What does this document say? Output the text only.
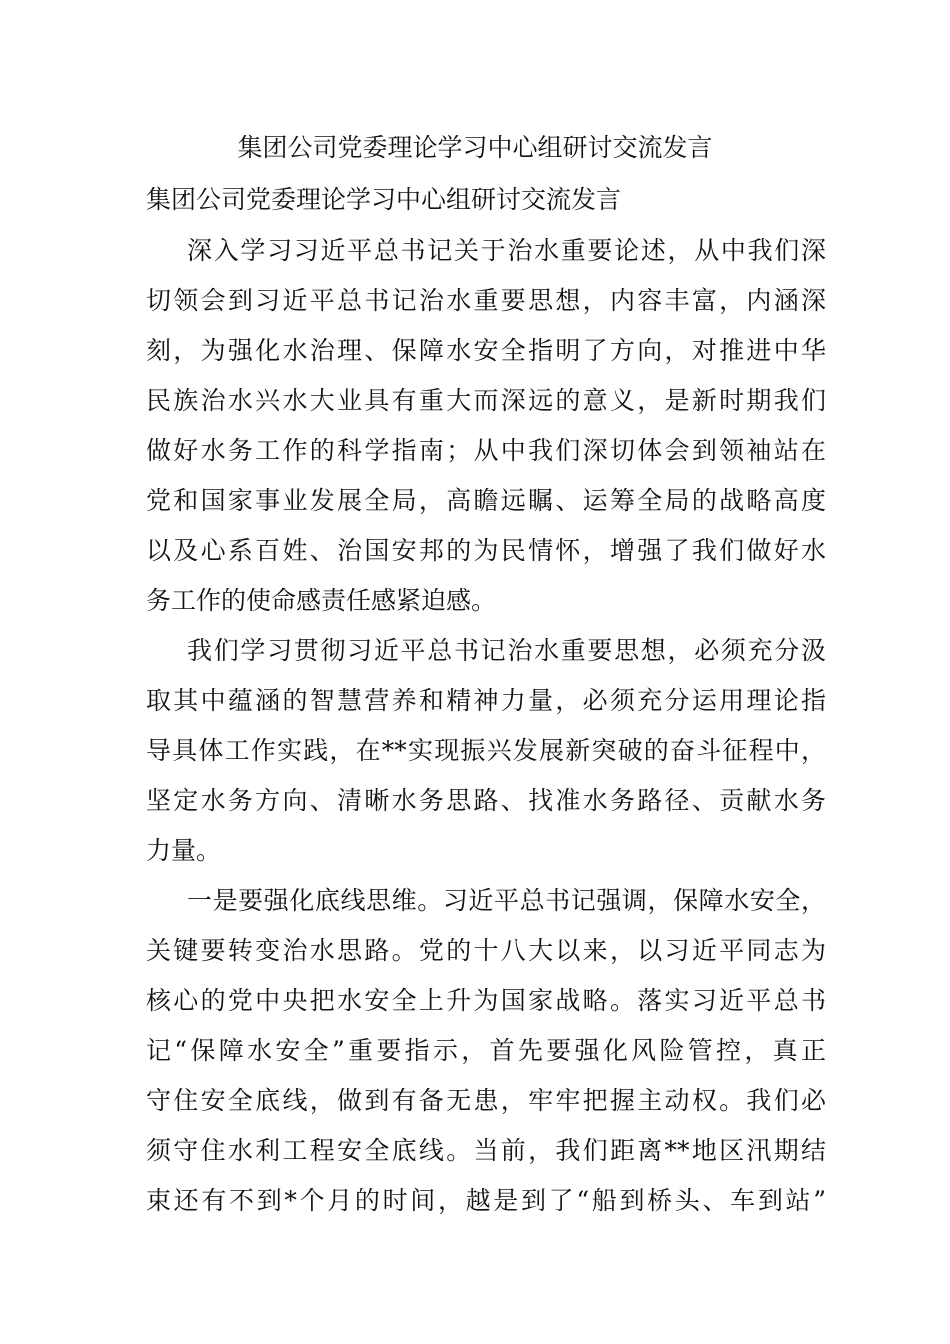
集团公司党委理论学习中心组研讨交流发言

集团公司党委理论学习中心组研讨交流发言

深入学习习近平总书记关于治水重要论述，从中我们深
切领会到习近平总书记治水重要思想，内容丰富，内涵深
刻，为强化水治理、保障水安全指明了方向，对推进中华
民族治水兴水大业具有重大而深远的意义，是新时期我们
做好水务工作的科学指南；从中我们深切体会到领袖站在
党和国家事业发展全局，高瞻远瞩、运筹全局的战略高度
以及心系百姓、治国安邦的为民情怀，增强了我们做好水
务工作的使命感责任感紧迫感。
我们学习贯彻习近平总书记治水重要思想，必须充分汲
取其中蕴涵的智慧营养和精神力量，必须充分运用理论指
导具体工作实践，在**实现振兴发展新突破的奋斗征程中，
坚定水务方向、清晰水务思路、找准水务路径、贡献水务
力量。
一是要强化底线思维。习近平总书记强调，保障水安全，
关键要转变治水思路。党的十八大以来，以习近平同志为
核心的党中央把水安全上升为国家战略。落实习近平总书
记“保障水安全”重要指示，首先要强化风险管控，真正
守住安全底线，做到有备无患，牢牢把握主动权。我们必
须守住水利工程安全底线。当前，我们距离**地区汛期结
束还有不到*个月的时间，越是到了“船到桥头、车到站”
